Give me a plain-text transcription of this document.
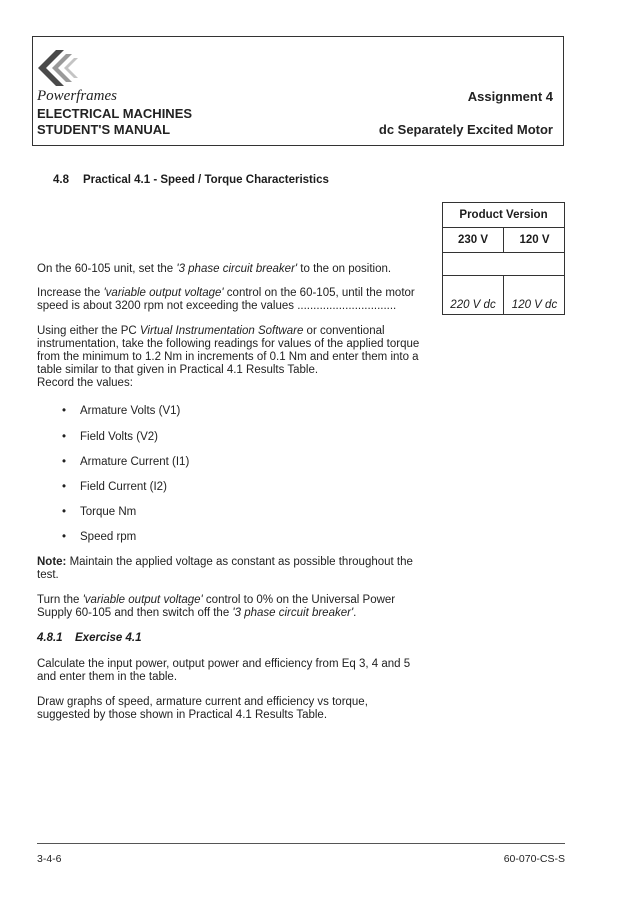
Powerframes
ELECTRICAL MACHINES
STUDENT'S MANUAL
Assignment 4
dc Separately Excited Motor
4.8 Practical 4.1 - Speed / Torque Characteristics
Product Version
230 V	120 V
220 V dc	120 V dc
On the 60-105 unit, set the '3 phase circuit breaker' to the on position.
Increase the 'variable output voltage' control on the 60-105, until the motor
speed is about 3200 rpm not exceeding the values ...............................
Using either the PC Virtual Instrumentation Software or conventional
instrumentation, take the following readings for values of the applied torque
from the minimum to 1.2 Nm in increments of 0.1 Nm and enter them into a
table similar to that given in Practical 4.1 Results Table.
Record the values:
• Armature Volts (V1)
• Field Volts (V2)
• Armature Current (I1)
• Field Current (I2)
• Torque Nm
• Speed rpm
Note: Maintain the applied voltage as constant as possible throughout the
test.
Turn the 'variable output voltage' control to 0% on the Universal Power
Supply 60-105 and then switch off the '3 phase circuit breaker'.
4.8.1 Exercise 4.1
Calculate the input power, output power and efficiency from Eq 3, 4 and 5
and enter them in the table.
Draw graphs of speed, armature current and efficiency vs torque,
suggested by those shown in Practical 4.1 Results Table.
3-4-6	60-070-CS-S
